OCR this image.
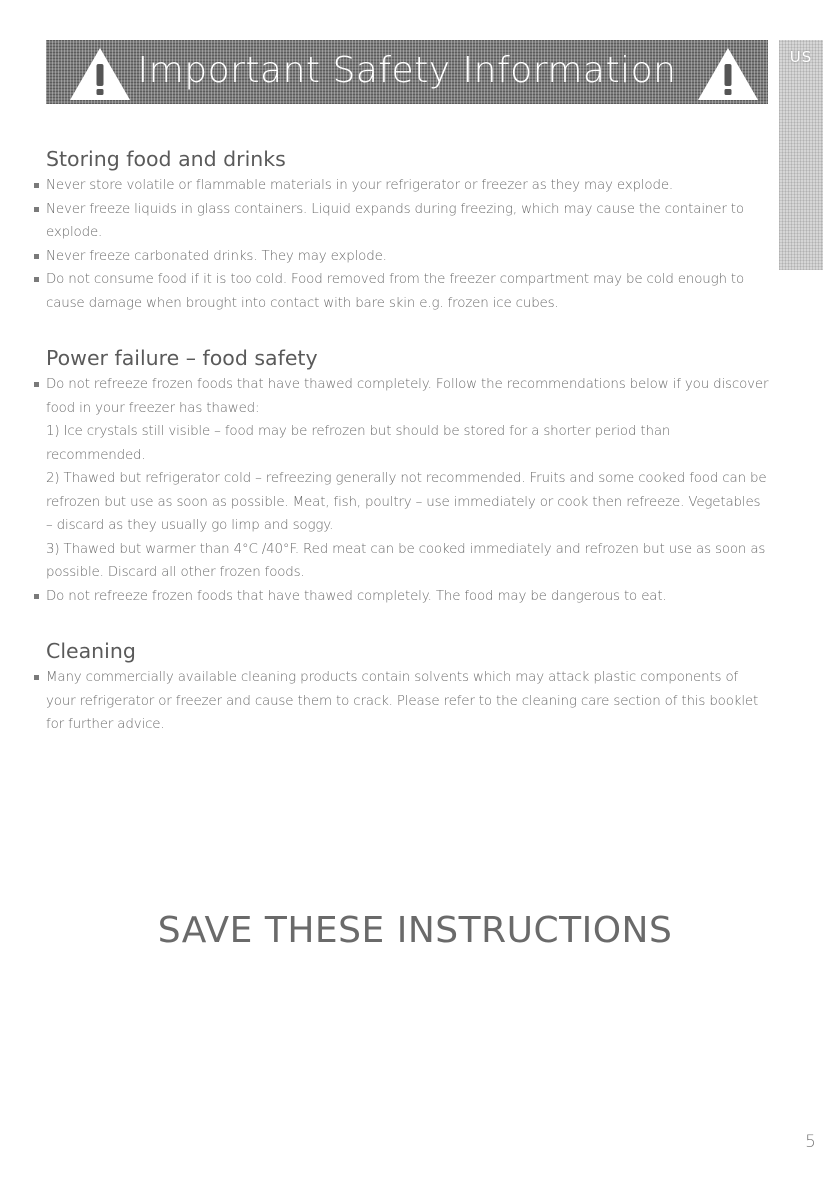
Important Safety Information	US
Storing food and drinks
Never store volatile or flammable materials in your refrigerator or freezer as they may explode.
Never freeze liquids in glass containers. Liquid expands during freezing, which may cause the container to explode.
Never freeze carbonated drinks. They may explode.
Do not consume food if it is too cold. Food removed from the freezer compartment may be cold enough to cause damage when brought into contact with bare skin e.g. frozen ice cubes.
Power failure – food safety
Do not refreeze frozen foods that have thawed completely. Follow the recommendations below if you discover food in your freezer has thawed:
1) Ice crystals still visible – food may be refrozen but should be stored for a shorter period than recommended.
2) Thawed but refrigerator cold – refreezing generally not recommended. Fruits and some cooked food can be refrozen but use as soon as possible. Meat, fish, poultry – use immediately or cook then refreeze. Vegetables – discard as they usually go limp and soggy.
3) Thawed but warmer than 4°C /40°F. Red meat can be cooked immediately and refrozen but use as soon as possible. Discard all other frozen foods.
Do not refreeze frozen foods that have thawed completely. The food may be dangerous to eat.
Cleaning
Many commercially available cleaning products contain solvents which may attack plastic components of your refrigerator or freezer and cause them to crack. Please refer to the cleaning care section of this booklet for further advice.
SAVE THESE INSTRUCTIONS
5
